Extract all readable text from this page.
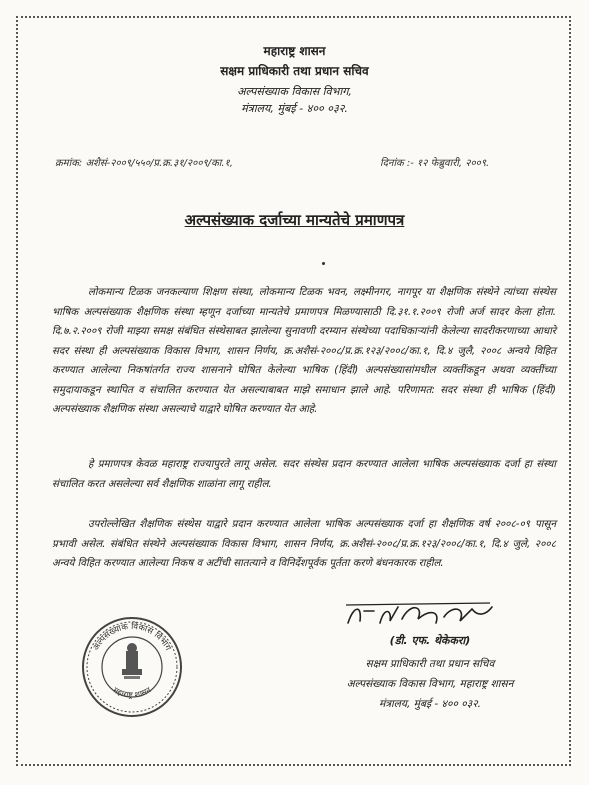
महाराष्ट्र शासन
सक्षम प्राधिकारी तथा प्रधान सचिव
अल्पसंख्याक विकास विभाग,
मंत्रालय, मुंबई - ४०० ०३२.
क्रमांक: अशैसं-२००९/५५०/प्र.क्र.३१/२००९/का.१,	दिनांक :- १२ फेब्रुवारी, २००९.
अल्पसंख्याक दर्जाच्या मान्यतेचे प्रमाणपत्र

लोकमान्य टिळक जनकल्याण शिक्षण संस्था, लोकमान्य टिळक भवन, लक्ष्मीनगर, नागपूर या शैक्षणिक संस्थेने त्यांच्या संस्थेस भाषिक अल्पसंख्याक शैक्षणिक संस्था म्हणून दर्जाच्या मान्यतेचे प्रमाणपत्र मिळण्यासाठी दि.३१.१.२००९ रोजी अर्ज सादर केला होता. दि.७.२.२००९ रोजी माझ्या समक्ष संबंधित संस्थेसाबत झालेल्या सुनावणी दरम्यान संस्थेच्या पदाधिकाऱ्यांनी केलेल्या सादरीकरणाच्या आधारे सदर संस्था ही अल्पसंख्याक विकास विभाग, शासन निर्णय, क्र.अशैसं-२००८/प्र.क्र.१२३/२००८/का.१, दि.४ जुलै, २००८ अन्वये विहित करण्यात आलेल्या निकषांतर्गत राज्य शासनाने घोषित केलेल्या भाषिक (हिंदी) अल्पसंख्यासांमधील व्यक्तींकडून अथवा व्यक्तींच्या समुदायाकडून स्थापित व संचालित करण्यात येत असल्याबाबत माझे समाधान झाले आहे. परिणामत: सदर संस्था ही भाषिक (हिंदी) अल्पसंख्याक शैक्षणिक संस्था असल्याचे याद्वारे घोषित करण्यात येत आहे.

हे प्रमाणपत्र केवळ महाराष्ट्र राज्यापुरते लागू असेल. सदर संस्थेस प्रदान करण्यात आलेला भाषिक अल्पसंख्याक दर्जा हा संस्था संचालित करत असलेल्या सर्व शैक्षणिक शाळांना लागू राहील.

उपरोल्लेखित शैक्षणिक संस्थेस याद्वारे प्रदान करण्यात आलेला भाषिक अल्पसंख्याक दर्जा हा शैक्षणिक वर्ष २००८-०९ पासून प्रभावी असेल. संबंधित संस्थेने अल्पसंख्याक विकास विभाग, शासन निर्णय, क्र.अशैसं-२००८/प्र.क्र.१२३/२००८/का.१, दि.४ जुले, २००८ अन्वये विहित करण्यात आलेल्या निकष व अटींची सातत्याने व विनिर्देशपूर्वक पूर्तता करणे बंधनकारक राहील.

अल्पसंख्याक विकास विभाग
महाराष्ट्र शासन
(डी. एफ. थेकेकरा)
सक्षम प्राधिकारी तथा प्रधान सचिव
अल्पसंख्याक विकास विभाग, महाराष्ट्र शासन
मंत्रालय, मुंबई - ४०० ०३२.
